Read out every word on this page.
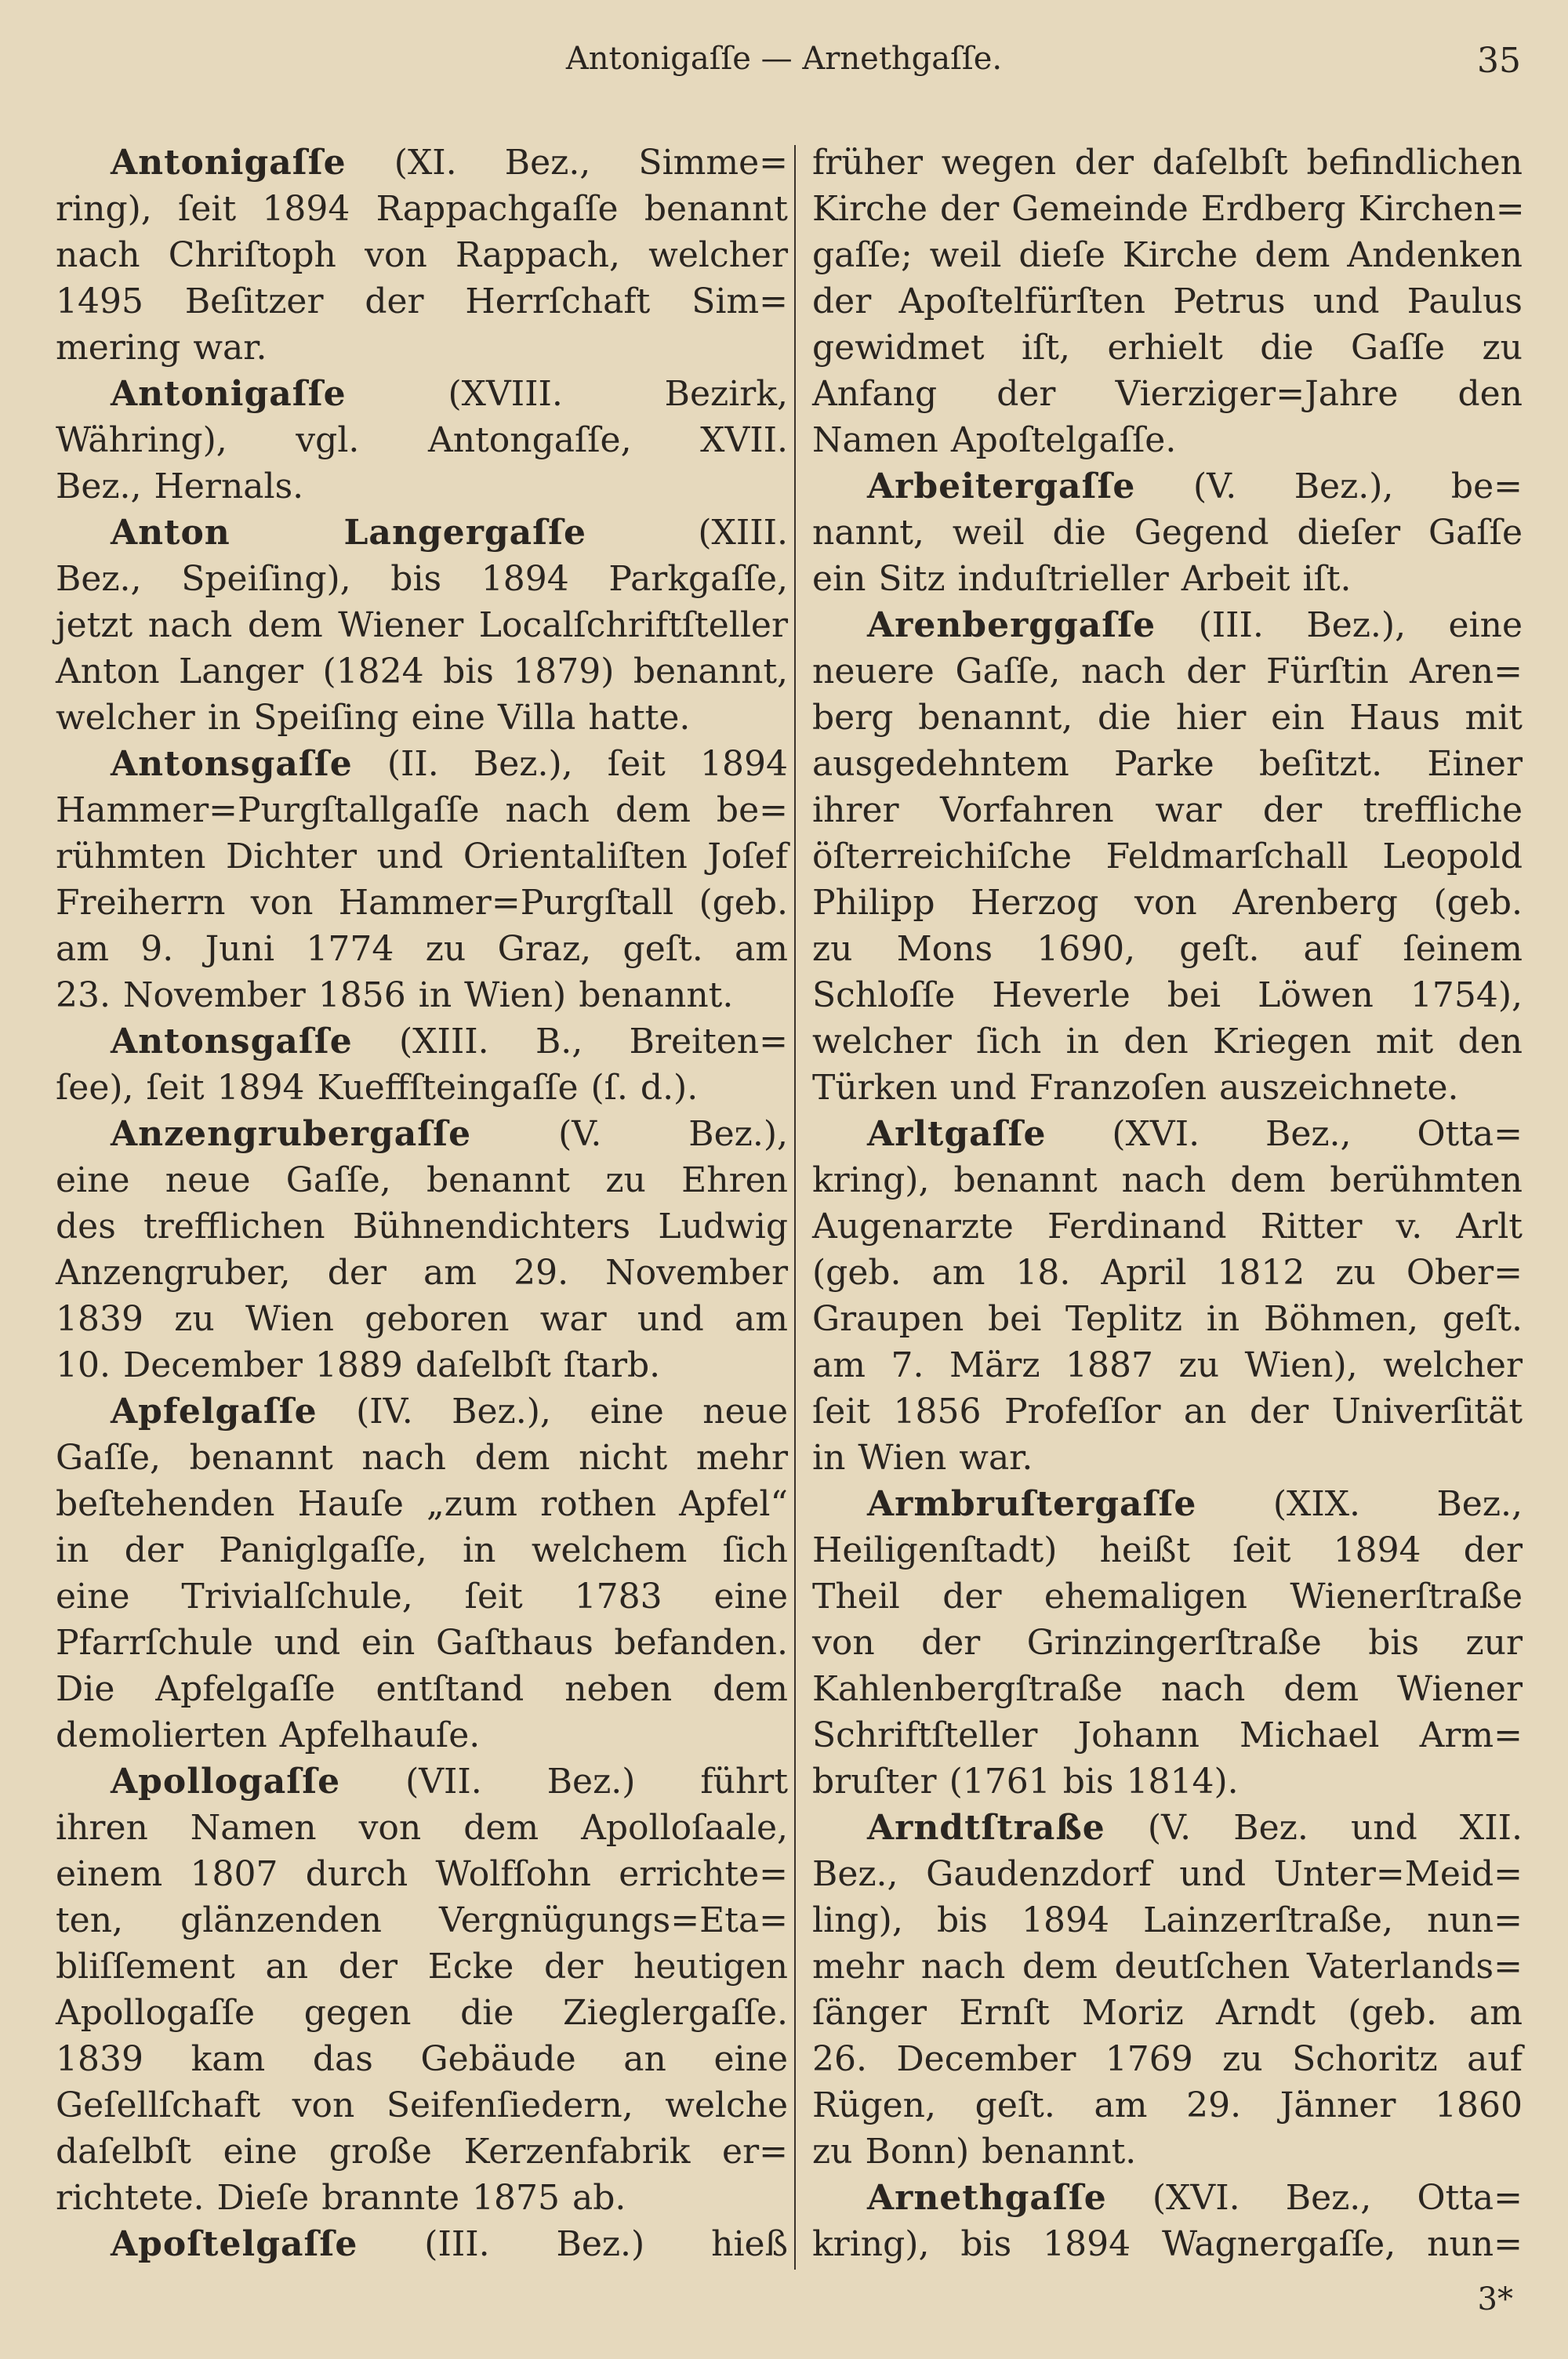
Antonigaſſe — Arnethgaſſe.	35
Antonigaſſe (XI. Bez., Simme=
ring), ſeit 1894 Rappachgaſſe benannt
nach Chriſtoph von Rappach, welcher
1495 Beſitzer der Herrſchaft Sim=
mering war.
Antonigaſſe (XVIII. Bezirk,
Währing), vgl. Antongaſſe, XVII.
Bez., Hernals.
Anton Langergaſſe (XIII.
Bez., Speiſing), bis 1894 Parkgaſſe,
jetzt nach dem Wiener Localſchriftſteller
Anton Langer (1824 bis 1879) benannt,
welcher in Speiſing eine Villa hatte.
Antonsgaſſe (II. Bez.), ſeit 1894
Hammer=Purgſtallgaſſe nach dem be=
rühmten Dichter und Orientaliſten Joſef
Freiherrn von Hammer=Purgſtall (geb.
am 9. Juni 1774 zu Graz, geſt. am
23. November 1856 in Wien) benannt.
Antonsgaſſe (XIII. B., Breiten=
ſee), ſeit 1894 Kueffſteingaſſe (ſ. d.).
Anzengrubergaſſe (V. Bez.),
eine neue Gaſſe, benannt zu Ehren
des trefflichen Bühnendichters Ludwig
Anzengruber, der am 29. November
1839 zu Wien geboren war und am
10. December 1889 daſelbſt ſtarb.
Apfelgaſſe (IV. Bez.), eine neue
Gaſſe, benannt nach dem nicht mehr
beſtehenden Hauſe „zum rothen Apfel“
in der Paniglgaſſe, in welchem ſich
eine Trivialſchule, ſeit 1783 eine
Pfarrſchule und ein Gaſthaus befanden.
Die Apfelgaſſe entſtand neben dem
demolierten Apfelhauſe.
Apollogaſſe (VII. Bez.) führt
ihren Namen von dem Apolloſaale,
einem 1807 durch Wolfſohn errichte=
ten, glänzenden Vergnügungs=Eta=
bliſſement an der Ecke der heutigen
Apollogaſſe gegen die Zieglergaſſe.
1839 kam das Gebäude an eine
Geſellſchaft von Seifenſiedern, welche
daſelbſt eine große Kerzenfabrik er=
richtete. Dieſe brannte 1875 ab.
Apoſtelgaſſe (III. Bez.) hieß
früher wegen der daſelbſt befindlichen
Kirche der Gemeinde Erdberg Kirchen=
gaſſe; weil dieſe Kirche dem Andenken
der Apoſtelfürſten Petrus und Paulus
gewidmet iſt, erhielt die Gaſſe zu
Anfang der Vierziger=Jahre den
Namen Apoſtelgaſſe.
Arbeitergaſſe (V. Bez.), be=
nannt, weil die Gegend dieſer Gaſſe
ein Sitz induſtrieller Arbeit iſt.
Arenberggaſſe (III. Bez.), eine
neuere Gaſſe, nach der Fürſtin Aren=
berg benannt, die hier ein Haus mit
ausgedehntem Parke beſitzt. Einer
ihrer Vorfahren war der treffliche
öſterreichiſche Feldmarſchall Leopold
Philipp Herzog von Arenberg (geb.
zu Mons 1690, geſt. auf ſeinem
Schloſſe Heverle bei Löwen 1754),
welcher ſich in den Kriegen mit den
Türken und Franzoſen auszeichnete.
Arltgaſſe (XVI. Bez., Otta=
kring), benannt nach dem berühmten
Augenarzte Ferdinand Ritter v. Arlt
(geb. am 18. April 1812 zu Ober=
Graupen bei Teplitz in Böhmen, geſt.
am 7. März 1887 zu Wien), welcher
ſeit 1856 Profeſſor an der Univerſität
in Wien war.
Armbruſtergaſſe (XIX. Bez.,
Heiligenſtadt) heißt ſeit 1894 der
Theil der ehemaligen Wienerſtraße
von der Grinzingerſtraße bis zur
Kahlenbergſtraße nach dem Wiener
Schriftſteller Johann Michael Arm=
bruſter (1761 bis 1814).
Arndtſtraße (V. Bez. und XII.
Bez., Gaudenzdorf und Unter=Meid=
ling), bis 1894 Lainzerſtraße, nun=
mehr nach dem deutſchen Vaterlands=
ſänger Ernſt Moriz Arndt (geb. am
26. December 1769 zu Schoritz auf
Rügen, geſt. am 29. Jänner 1860
zu Bonn) benannt.
Arnethgaſſe (XVI. Bez., Otta=
kring), bis 1894 Wagnergaſſe, nun=
3*
